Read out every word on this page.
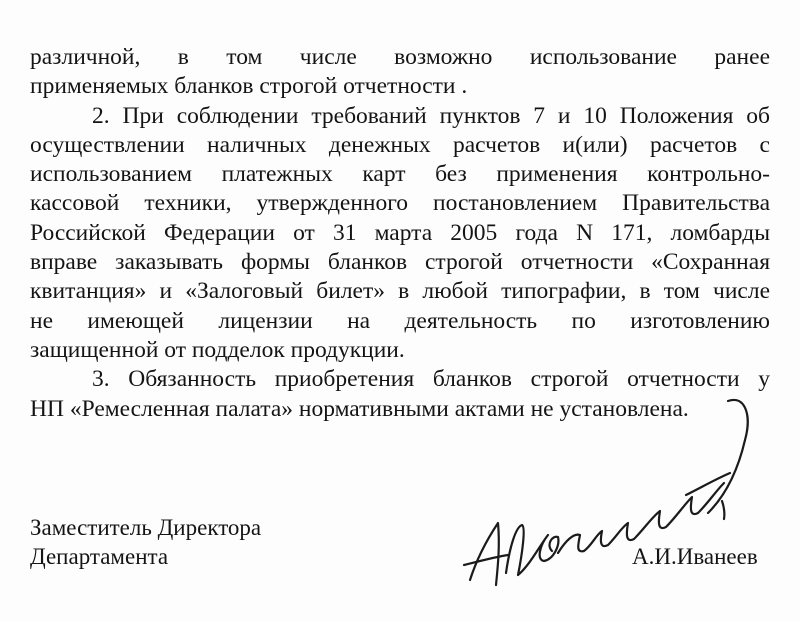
различной, в том числе возможно использование ранее
применяемых бланков строгой отчетности .
2. При соблюдении требований пунктов 7 и 10 Положения об
осуществлении наличных денежных расчетов и(или) расчетов с
использованием платежных карт без применения контрольно-
кассовой техники, утвержденного постановлением Правительства
Российской Федерации от 31 марта 2005 года N 171, ломбарды
вправе заказывать формы бланков строгой отчетности «Сохранная
квитанция» и «Залоговый билет» в любой типографии, в том числе
не имеющей лицензии на деятельность по изготовлению
защищенной от подделок продукции.
3. Обязанность приобретения бланков строгой отчетности у
НП «Ремесленная палата» нормативными актами не установлена.
Заместитель Директора
Департамента	А.И.Иванеев
